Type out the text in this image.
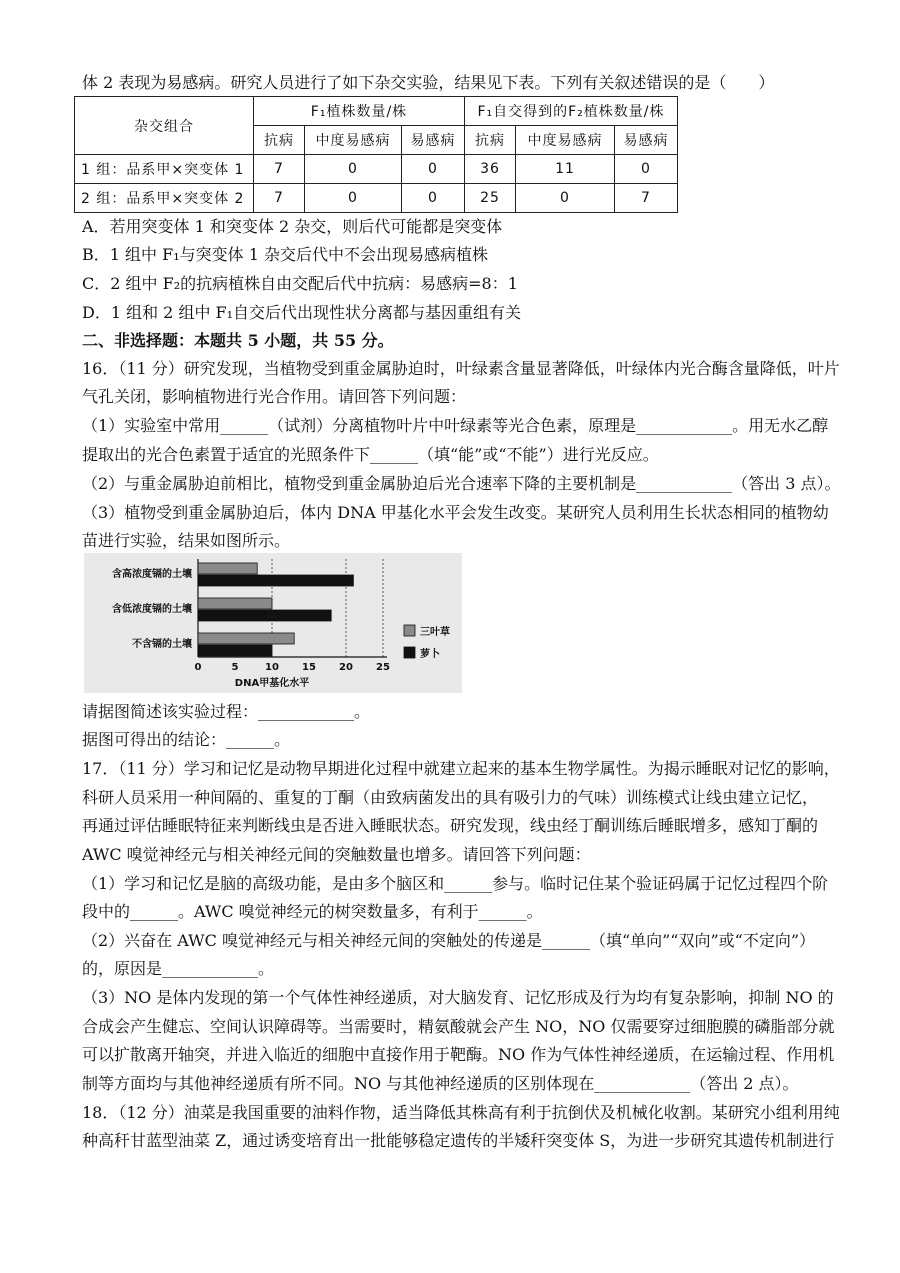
体 2 表现为易感病。研究人员进行了如下杂交实验，结果见下表。下列有关叙述错误的是（　　）
杂交组合	F₁植株数量/株			F₁自交得到的F₂植株数量/株		
	抗病	中度易感病	易感病	抗病	中度易感病	易感病
1 组：品系甲×突变体 1	7	0	0	36	11	0
2 组：品系甲×突变体 2	7	0	0	25	0	7
A．若用突变体 1 和突变体 2 杂交，则后代可能都是突变体
B．1 组中 F₁与突变体 1 杂交后代中不会出现易感病植株
C．2 组中 F₂的抗病植株自由交配后代中抗病：易感病=8：1
D．1 组和 2 组中 F₁自交后代出现性状分离都与基因重组有关
二、非选择题：本题共 5 小题，共 55 分。
16．（11 分）研究发现，当植物受到重金属胁迫时，叶绿素含量显著降低，叶绿体内光合酶含量降低，叶片
气孔关闭，影响植物进行光合作用。请回答下列问题：
（1）实验室中常用______（试剂）分离植物叶片中叶绿素等光合色素，原理是____________。用无水乙醇
提取出的光合色素置于适宜的光照条件下______（填“能”或“不能”）进行光反应。
（2）与重金属胁迫前相比，植物受到重金属胁迫后光合速率下降的主要机制是____________（答出 3 点）。
（3）植物受到重金属胁迫后，体内 DNA 甲基化水平会发生改变。某研究人员利用生长状态相同的植物幼
苗进行实验，结果如图所示。
含高浓度镉的土壤
含低浓度镉的土壤
不含镉的土壤
0	5	10 15 20 25
DNA甲基化水平
三叶草
萝卜
请据图简述该实验过程：____________。
据图可得出的结论：______。
17．（11 分）学习和记忆是动物早期进化过程中就建立起来的基本生物学属性。为揭示睡眠对记忆的影响，
科研人员采用一种间隔的、重复的丁酮（由致病菌发出的具有吸引力的气味）训练模式让线虫建立记忆，
再通过评估睡眠特征来判断线虫是否进入睡眠状态。研究发现，线虫经丁酮训练后睡眠增多，感知丁酮的
AWC 嗅觉神经元与相关神经元间的突触数量也增多。请回答下列问题：
（1）学习和记忆是脑的高级功能，是由多个脑区和______参与。临时记住某个验证码属于记忆过程四个阶
段中的______。AWC 嗅觉神经元的树突数量多，有利于______。
（2）兴奋在 AWC 嗅觉神经元与相关神经元间的突触处的传递是______（填“单向”“双向”或“不定向”）
的，原因是____________。
（3）NO 是体内发现的第一个气体性神经递质，对大脑发育、记忆形成及行为均有复杂影响，抑制 NO 的
合成会产生健忘、空间认识障碍等。当需要时，精氨酸就会产生 NO，NO 仅需要穿过细胞膜的磷脂部分就
可以扩散离开轴突，并进入临近的细胞中直接作用于靶酶。NO 作为气体性神经递质，在运输过程、作用机
制等方面均与其他神经递质有所不同。NO 与其他神经递质的区别体现在____________（答出 2 点）。
18．（12 分）油菜是我国重要的油料作物，适当降低其株高有利于抗倒伏及机械化收割。某研究小组利用纯
种高秆甘蓝型油菜 Z，通过诱变培育出一批能够稳定遗传的半矮秆突变体 S，为进一步研究其遗传机制进行
